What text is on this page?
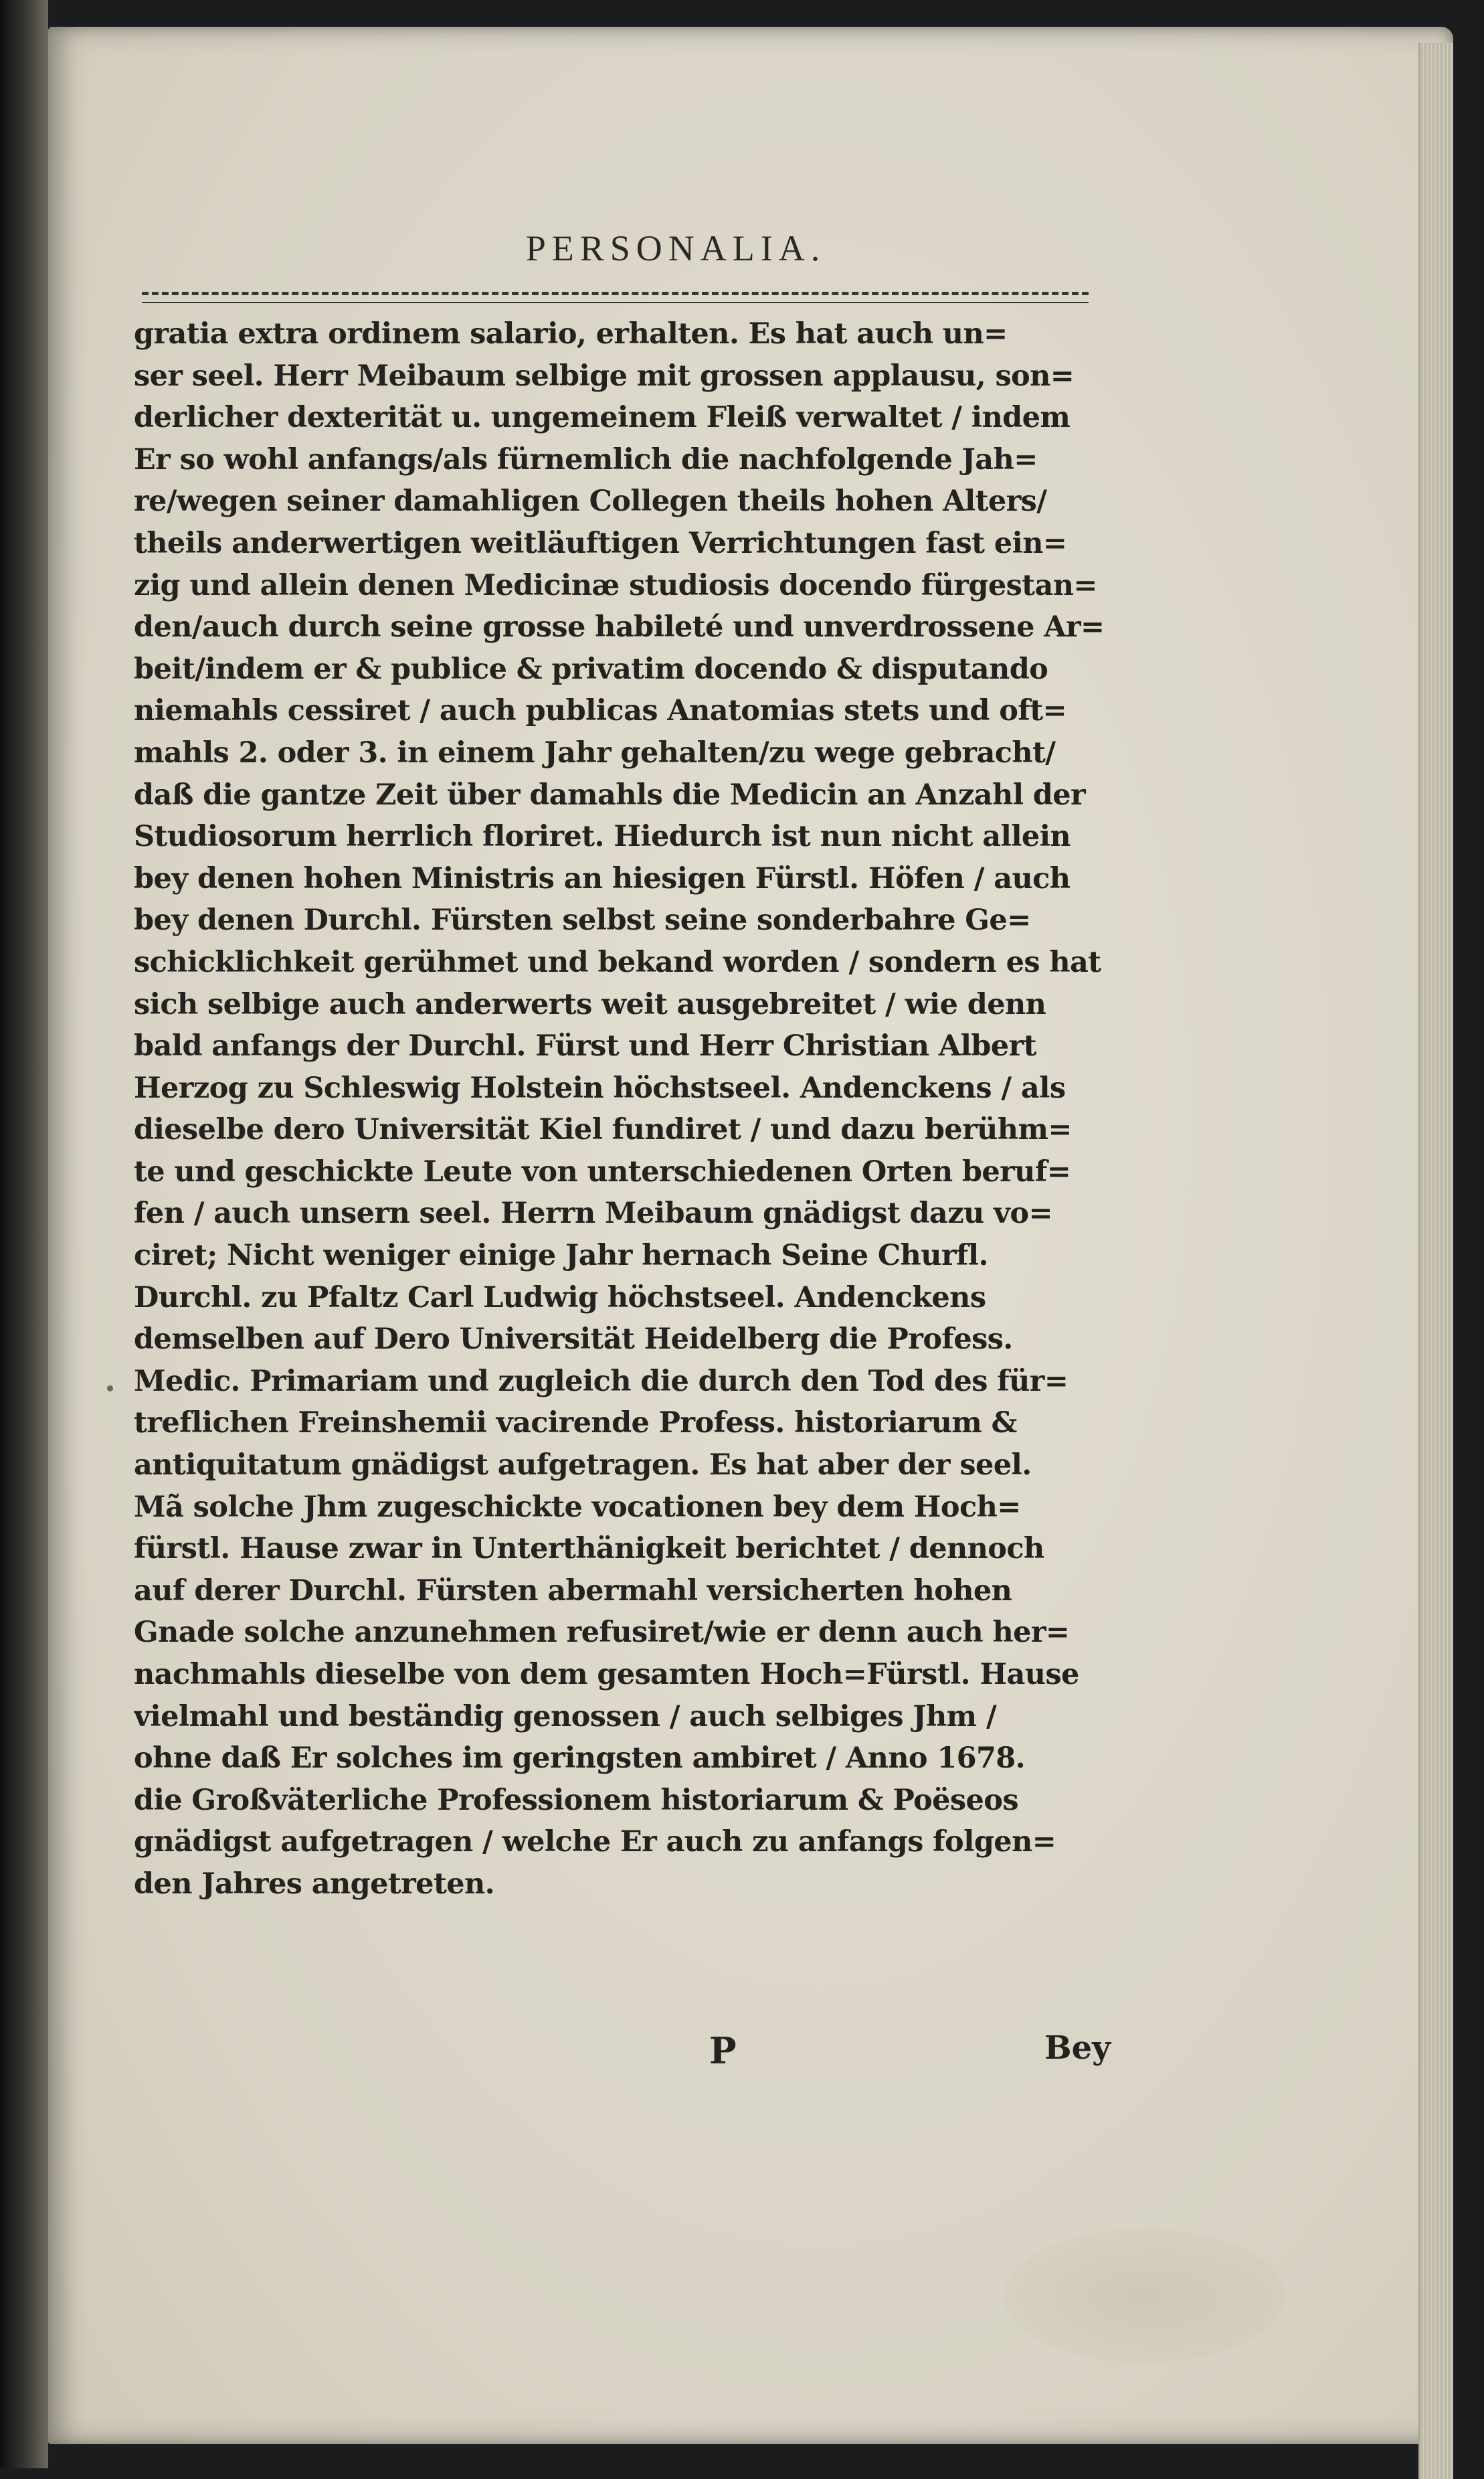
PERSONALIA.
gratia extra ordinem salario, erhalten. Es hat auch un=
ser seel. Herr Meibaum selbige mit grossen applausu, son=
derlicher dexterität u. ungemeinem Fleiß verwaltet / indem
Er so wohl anfangs/als fürnemlich die nachfolgende Jah=
re/wegen seiner damahligen Collegen theils hohen Alters/
theils anderwertigen weitläuftigen Verrichtungen fast ein=
zig und allein denen Medicinæ studiosis docendo fürgestan=
den/auch durch seine grosse habileté und unverdrossene Ar=
beit/indem er & publice & privatim docendo & disputando
niemahls cessiret / auch publicas Anatomias stets und oft=
mahls 2. oder 3. in einem Jahr gehalten/zu wege gebracht/
daß die gantze Zeit über damahls die Medicin an Anzahl der
Studiosorum herrlich floriret. Hiedurch ist nun nicht allein
bey denen hohen Ministris an hiesigen Fürstl. Höfen / auch
bey denen Durchl. Fürsten selbst seine sonderbahre Ge=
schicklichkeit gerühmet und bekand worden / sondern es hat
sich selbige auch anderwerts weit ausgebreitet / wie denn
bald anfangs der Durchl. Fürst und Herr Christian Albert
Herzog zu Schleswig Holstein höchstseel. Andenckens / als
dieselbe dero Universität Kiel fundiret / und dazu berühm=
te und geschickte Leute von unterschiedenen Orten beruf=
fen / auch unsern seel. Herrn Meibaum gnädigst dazu vo=
ciret; Nicht weniger einige Jahr hernach Seine Churfl.
Durchl. zu Pfaltz Carl Ludwig höchstseel. Andenckens
demselben auf Dero Universität Heidelberg die Profess.
Medic. Primariam und zugleich die durch den Tod des für=
treflichen Freinshemii vacirende Profess. historiarum &
antiquitatum gnädigst aufgetragen. Es hat aber der seel.
Mã solche Jhm zugeschickte vocationen bey dem Hoch=
fürstl. Hause zwar in Unterthänigkeit berichtet / dennoch
auf derer Durchl. Fürsten abermahl versicherten hohen
Gnade solche anzunehmen refusiret/wie er denn auch her=
nachmahls dieselbe von dem gesamten Hoch=Fürstl. Hause
vielmahl und beständig genossen / auch selbiges Jhm /
ohne daß Er solches im geringsten ambiret / Anno 1678.
die Großväterliche Professionem historiarum & Poëseos
gnädigst aufgetragen / welche Er auch zu anfangs folgen=
den Jahres angetreten.
P	Bey
